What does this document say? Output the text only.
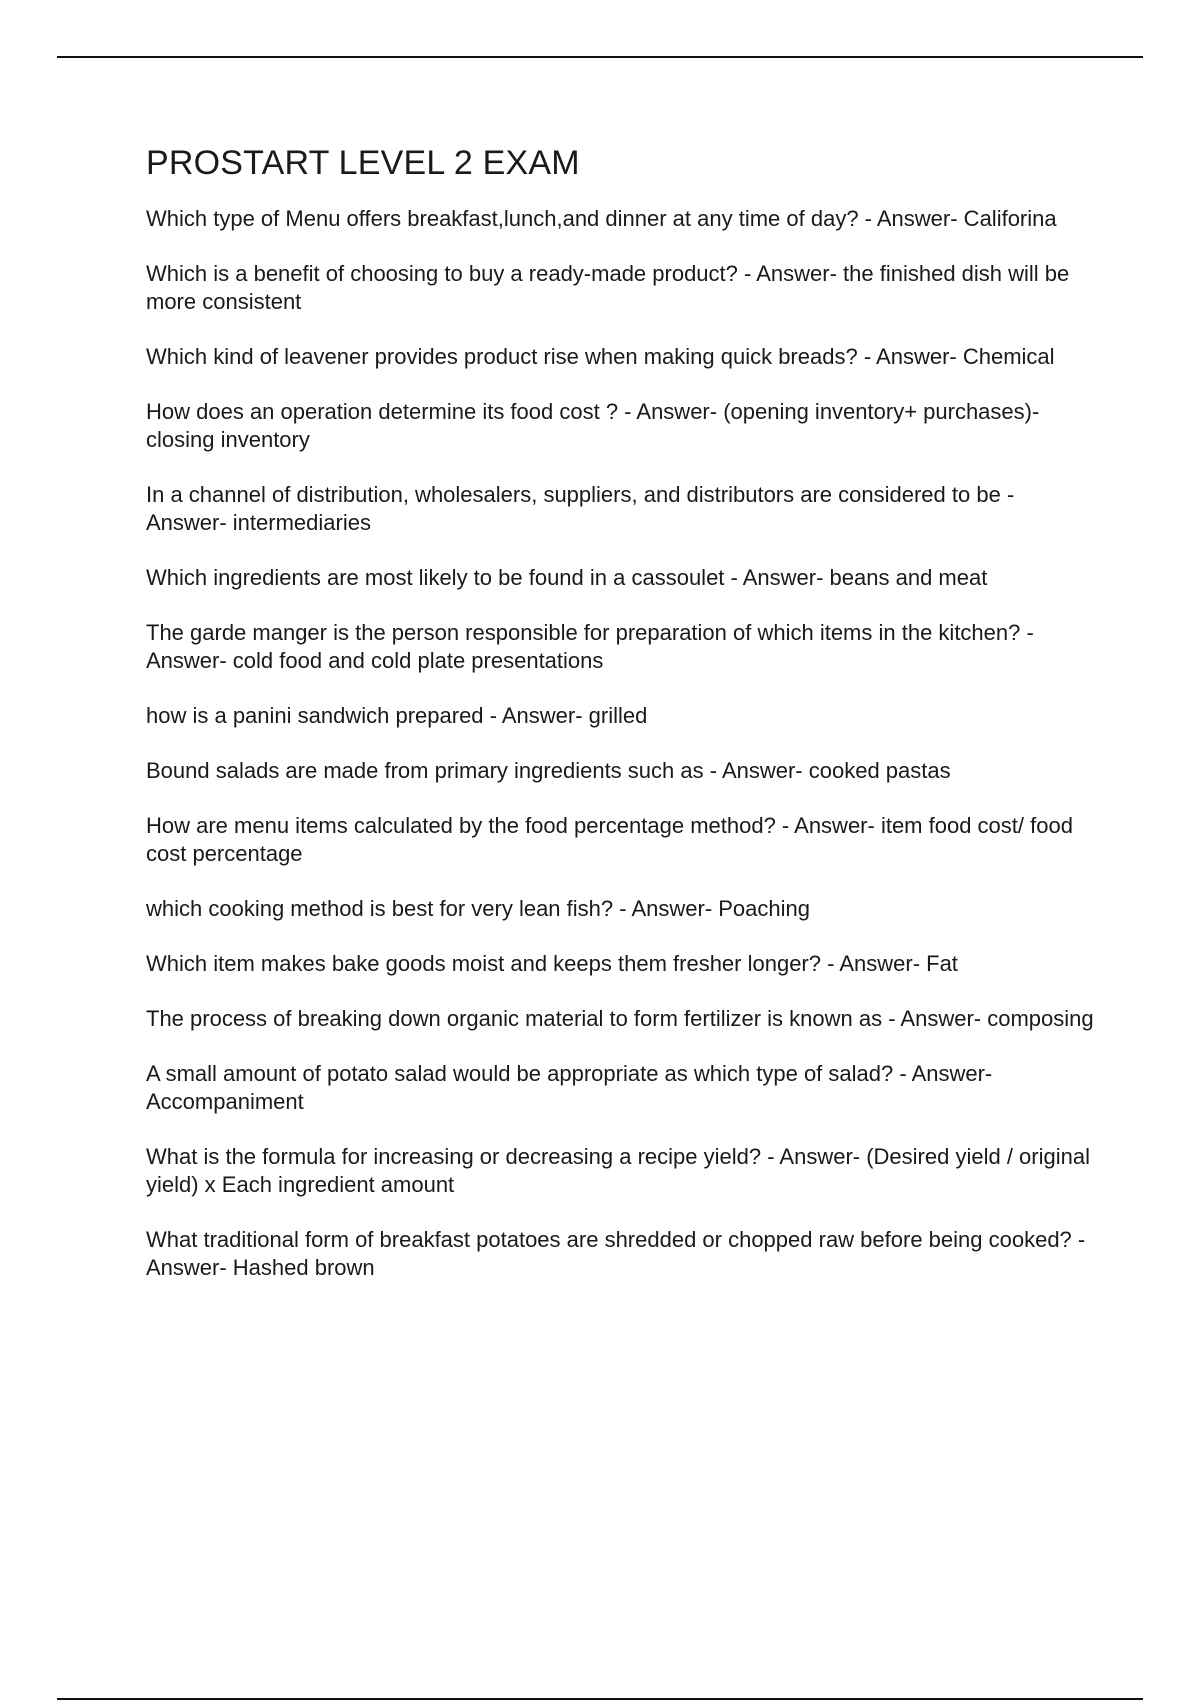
PROSTART LEVEL 2 EXAM

Which type of Menu offers breakfast,lunch,and dinner at any time of day? - Answer- Califorina

Which is a benefit of choosing to buy a ready-made product? - Answer- the finished dish will be more consistent

Which kind of leavener provides product rise when making quick breads? - Answer- Chemical

How does an operation determine its food cost ? - Answer- (opening inventory+ purchases)-closing inventory

In a channel of distribution, wholesalers, suppliers, and distributors are considered to be - Answer- intermediaries

Which ingredients are most likely to be found in a cassoulet - Answer- beans and meat

The garde manger is the person responsible for preparation of which items in the kitchen? - Answer- cold food and cold plate presentations

how is a panini sandwich prepared - Answer- grilled

Bound salads are made from primary ingredients such as - Answer- cooked pastas

How are menu items calculated by the food percentage method? - Answer- item food cost/ food cost percentage

which cooking method is best for very lean fish? - Answer- Poaching

Which item makes bake goods moist and keeps them fresher longer? - Answer- Fat

The process of breaking down organic material to form fertilizer is known as - Answer- composing

A small amount of potato salad would be appropriate as which type of salad? - Answer- Accompaniment

What is the formula for increasing or decreasing a recipe yield? - Answer- (Desired yield / original yield) x Each ingredient amount

What traditional form of breakfast potatoes are shredded or chopped raw before being cooked? - Answer- Hashed brown
